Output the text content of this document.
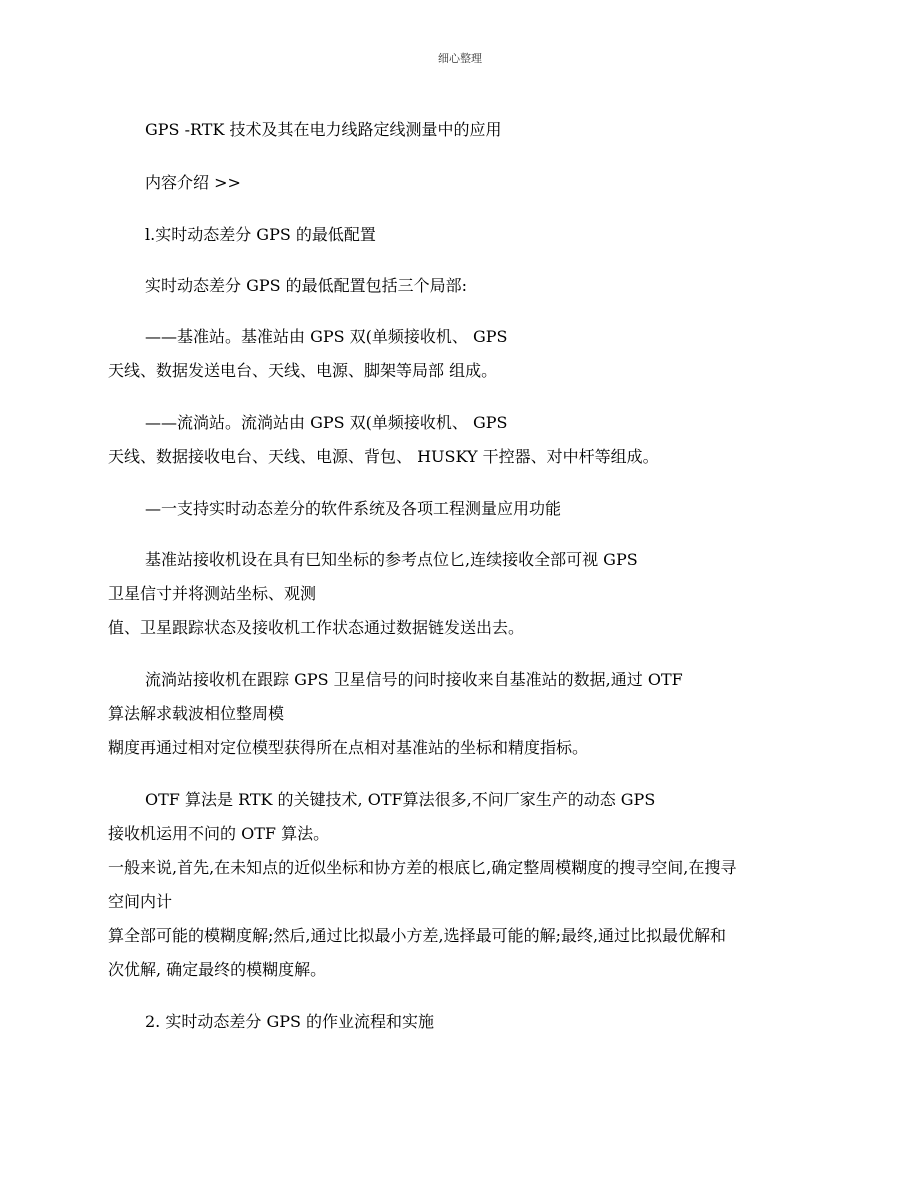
细心整理
GPS -RTK 技术及其在电力线路定线测量中的应用
内容介绍 >>
l.实时动态差分 GPS 的最低配置
实时动态差分 GPS 的最低配置包括三个局部:
——基准站。基准站由 GPS 双(单频接收机、 GPS
天线、数据发送电台、天线、电源、脚架等局部 组成。
——流淌站。流淌站由 GPS 双(单频接收机、 GPS
天线、数据接收电台、天线、电源、背包、 HUSKY 干控器、对中杆等组成。
—一支持实时动态差分的软件系统及各项工程测量应用功能
基准站接收机设在具有巳知坐标的参考点位匕,连续接收全部可视 GPS
卫星信寸并将测站坐标、观测
值、卫星跟踪状态及接收机工作状态通过数据链发送出去。
流淌站接收机在跟踪 GPS 卫星信号的问时接收来自基准站的数据,通过 OTF
算法解求载波相位整周模
糊度再通过相对定位模型获得所在点相对基准站的坐标和精度指标。
OTF 算法是 RTK 的关键技术, OTF算法很多,不问厂家生产的动态 GPS
接收机运用不问的 OTF 算法。
一般来说,首先,在未知点的近似坐标和协方差的根底匕,确定整周模糊度的搜寻空间,在搜寻
空间内计
算全部可能的模糊度解;然后,通过比拟最小方差,选择最可能的解;最终,通过比拟最优解和
次优解, 确定最终的模糊度解。
2. 实时动态差分 GPS 的作业流程和实施
